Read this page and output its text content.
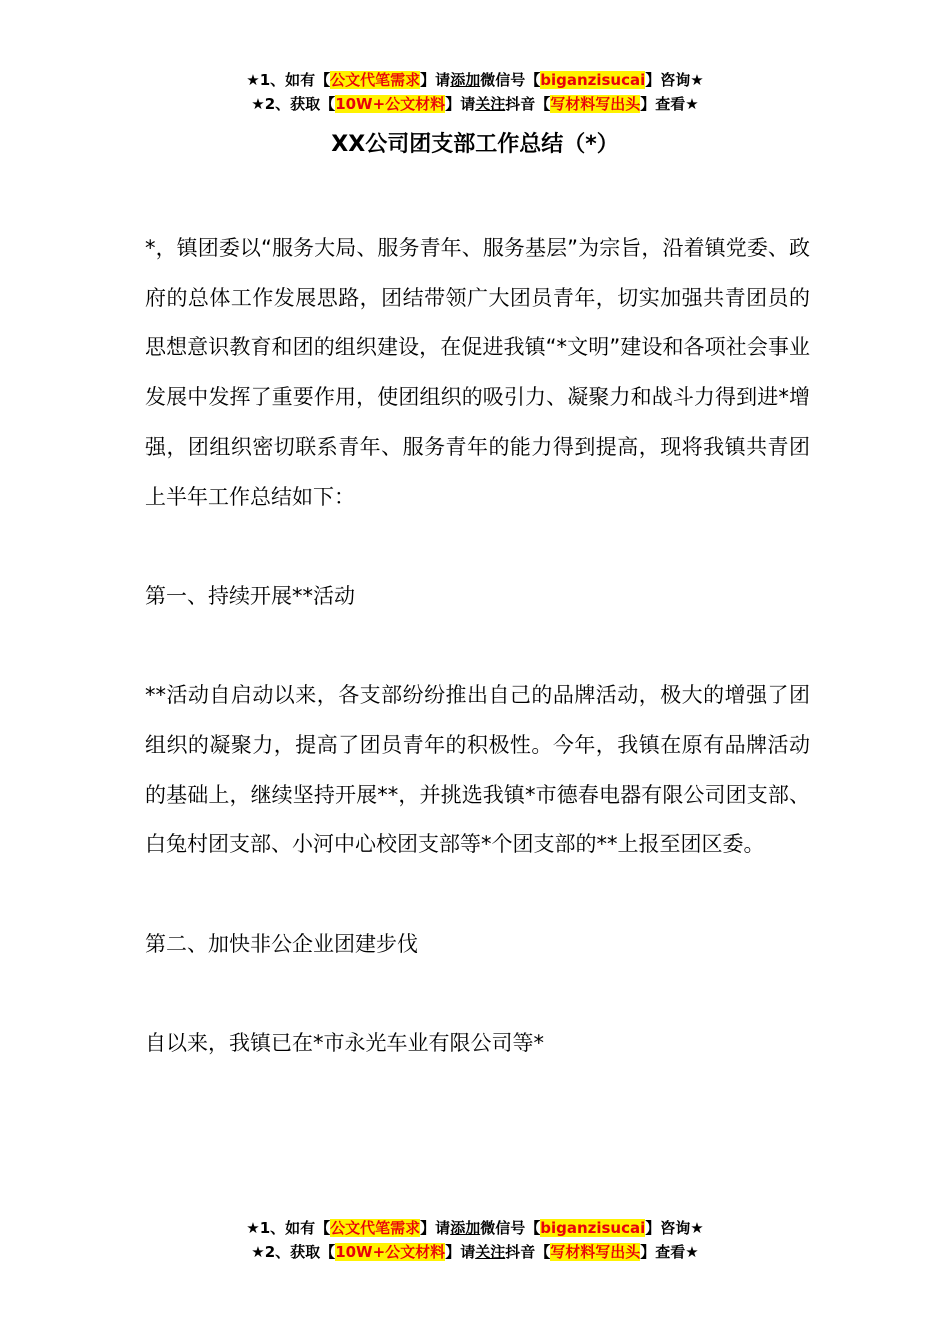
★1、如有【公文代笔需求】请添加微信号【biganzisucai】咨询★
★2、获取【10W+公文材料】请关注抖音【写材料写出头】查看★
XX公司团支部工作总结（*）

*，镇团委以“服务大局、服务青年、服务基层”为宗旨，沿着镇党委、政府的总体工作发展思路，团结带领广大团员青年，切实加强共青团员的思想意识教育和团的组织建设，在促进我镇“*文明”建设和各项社会事业发展中发挥了重要作用，使团组织的吸引力、凝聚力和战斗力得到进*增强，团组织密切联系青年、服务青年的能力得到提高，现将我镇共青团上半年工作总结如下：

第一、持续开展**活动

**活动自启动以来，各支部纷纷推出自己的品牌活动，极大的增强了团组织的凝聚力，提高了团员青年的积极性。今年，我镇在原有品牌活动的基础上，继续坚持开展**，并挑选我镇*市德春电器有限公司团支部、白兔村团支部、小河中心校团支部等*个团支部的**上报至团区委。

第二、加快非公企业团建步伐

自以来，我镇已在*市永光车业有限公司等*

★1、如有【公文代笔需求】请添加微信号【biganzisucai】咨询★
★2、获取【10W+公文材料】请关注抖音【写材料写出头】查看★
